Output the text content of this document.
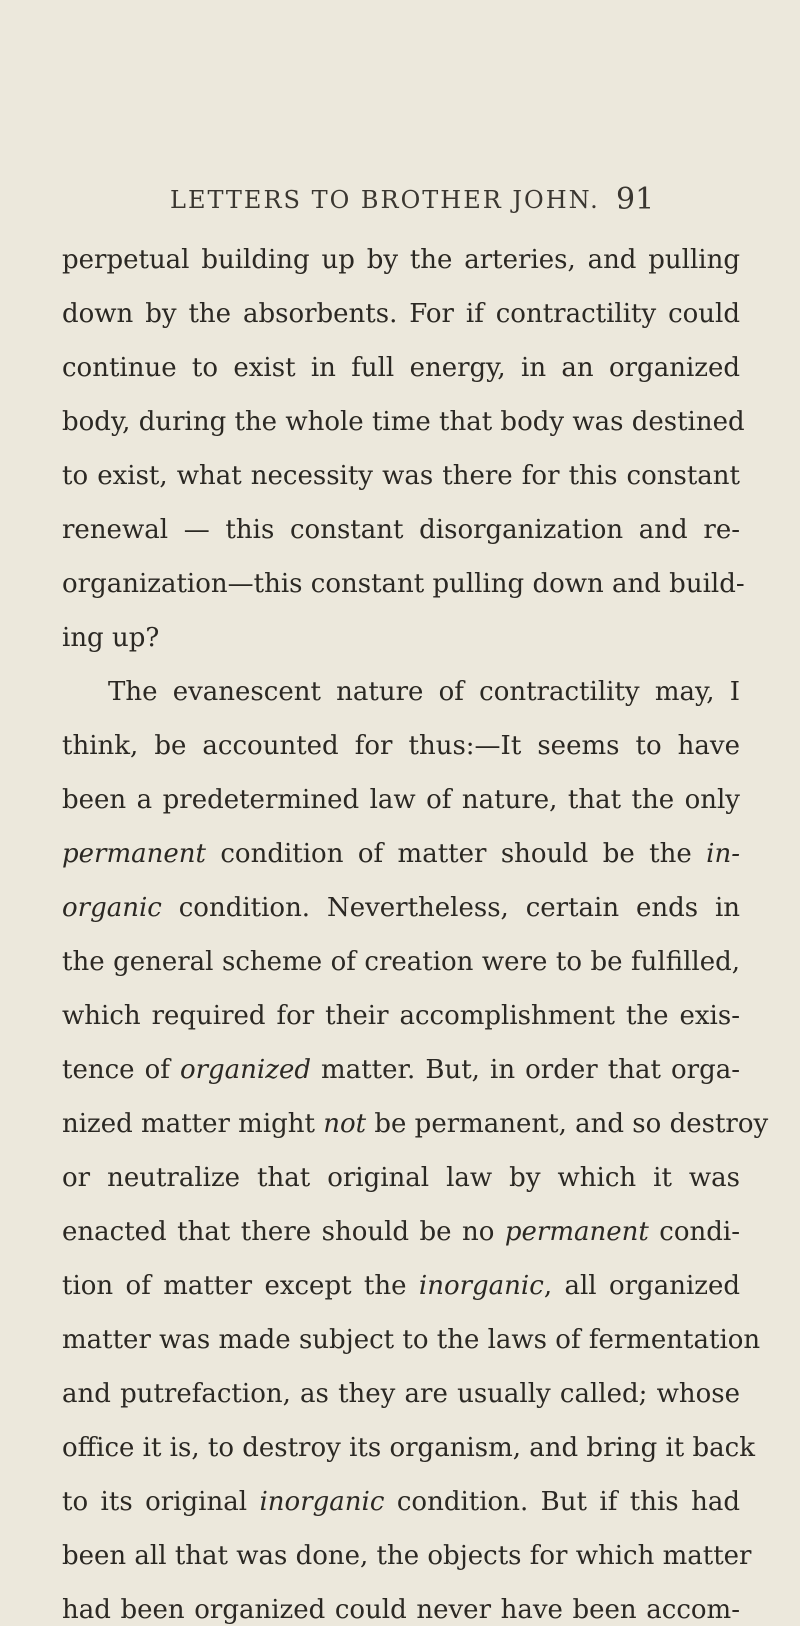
LETTERS TO BROTHER JOHN. 91
perpetual building up by the arteries, and pulling
down by the absorbents. For if contractility could
continue to exist in full energy, in an organized
body, during the whole time that body was destined
to exist, what necessity was there for this constant
renewal — this constant disorganization and re-
organization—this constant pulling down and build-
ing up?
The evanescent nature of contractility may, I
think, be accounted for thus:—It seems to have
been a predetermined law of nature, that the only
permanent condition of matter should be the in-
organic condition. Nevertheless, certain ends in
the general scheme of creation were to be fulfilled,
which required for their accomplishment the exis-
tence of organized matter. But, in order that orga-
nized matter might not be permanent, and so destroy
or neutralize that original law by which it was
enacted that there should be no permanent condi-
tion of matter except the inorganic, all organized
matter was made subject to the laws of fermentation
and putrefaction, as they are usually called; whose
office it is, to destroy its organism, and bring it back
to its original inorganic condition. But if this had
been all that was done, the objects for which matter
had been organized could never have been accom-
